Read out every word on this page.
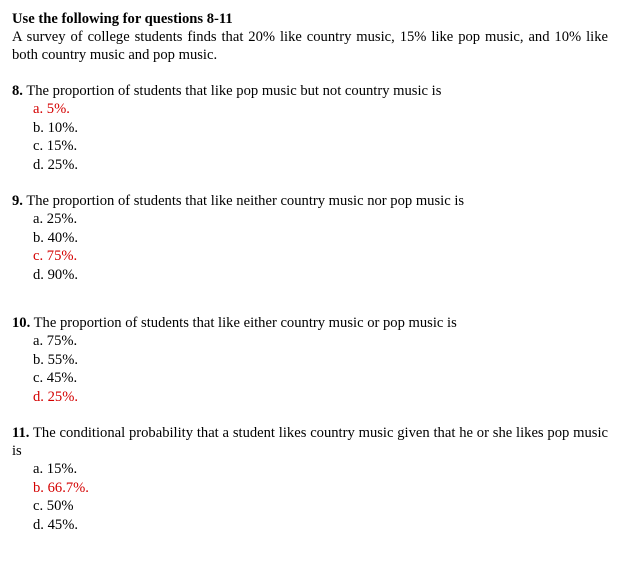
Use the following for questions 8-11

A survey of college students finds that 20% like country music, 15% like pop music, and 10% like both country music and pop music.

8. The proportion of students that like pop music but not country music is

a. 5%.
b. 10%.
c. 15%.
d. 25%.

9. The proportion of students that like neither country music nor pop music is

a. 25%.
b. 40%.
c. 75%.
d. 90%.

10. The proportion of students that like either country music or pop music is

a. 75%.
b. 55%.
c. 45%.
d. 25%.

11. The conditional probability that a student likes country music given that he or she likes pop music is

a. 15%.
b. 66.7%.
c. 50%
d. 45%.
